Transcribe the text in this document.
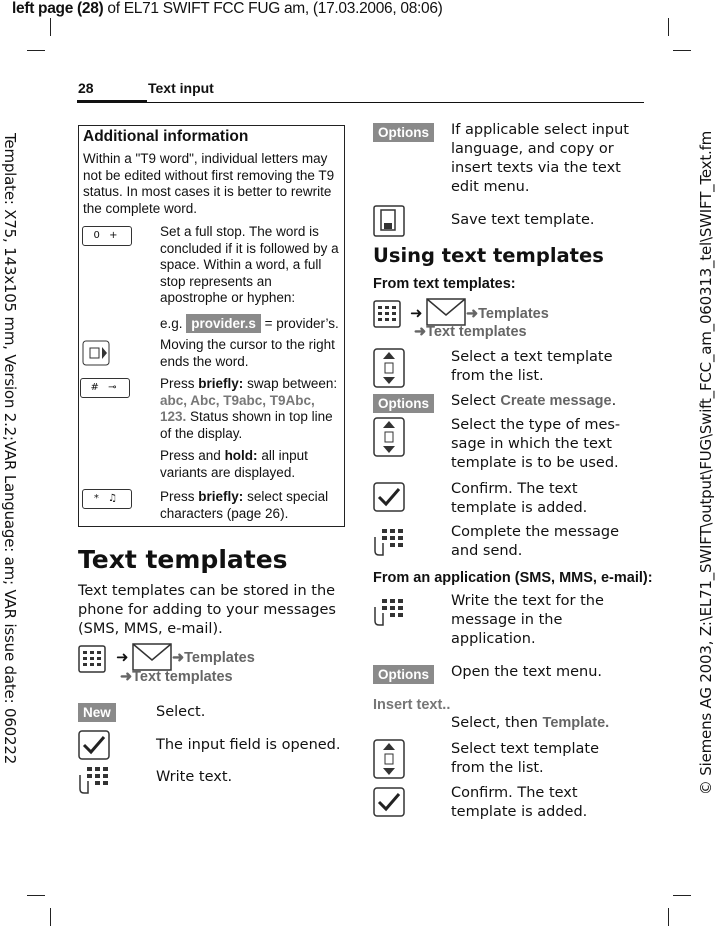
left page (28) of EL71 SWIFT FCC FUG am, (17.03.2006, 08:06)
Template: X75, 143x105 mm, Version 2.2;VAR Language: am; VAR issue date: 060222	© Siemens AG 2003, Z:\EL71_SWIFT\output\FUG\Swift_FCC_am_060313_tel\SWIFT_Text.fm
28	Text input
Additional information
Within a "T9 word", individual letters may not be edited without first removing the T9 status. In most cases it is better to rewrite the complete word.
0 +	Set a full stop. The word is concluded if it is followed by a space. Within a word, a full stop represents an apostrophe or hyphen:
e.g. provider.s = provider’s.
Moving the cursor to the right ends the word.
# ⊸	Press briefly: swap between: abc, Abc, T9abc, T9Abc, 123. Status shown in top line of the display.
Press and hold: all input variants are displayed.
* ♫	Press briefly: select special characters (page 26).
Text templates
Text templates can be stored in the phone for adding to your messages (SMS, MMS, e-mail).
➜	➜Templates
➜Text templates
New	Select.
The input field is opened.
Write text.
Options	If applicable select input language, and copy or insert texts via the text edit menu.
Save text template.
Using text templates
From text templates:
➜	➜Templates
➜Text templates
Select a text template from the list.
Options	Select Create message.
Select the type of mes-sage in which the text template is to be used.
Confirm. The text template is added.
Complete the message and send.
From an application (SMS, MMS, e-mail):
Write the text for the message in the application.
Options	Open the text menu.
Insert text..
Select, then Template.
Select text template from the list.
Confirm. The text template is added.
